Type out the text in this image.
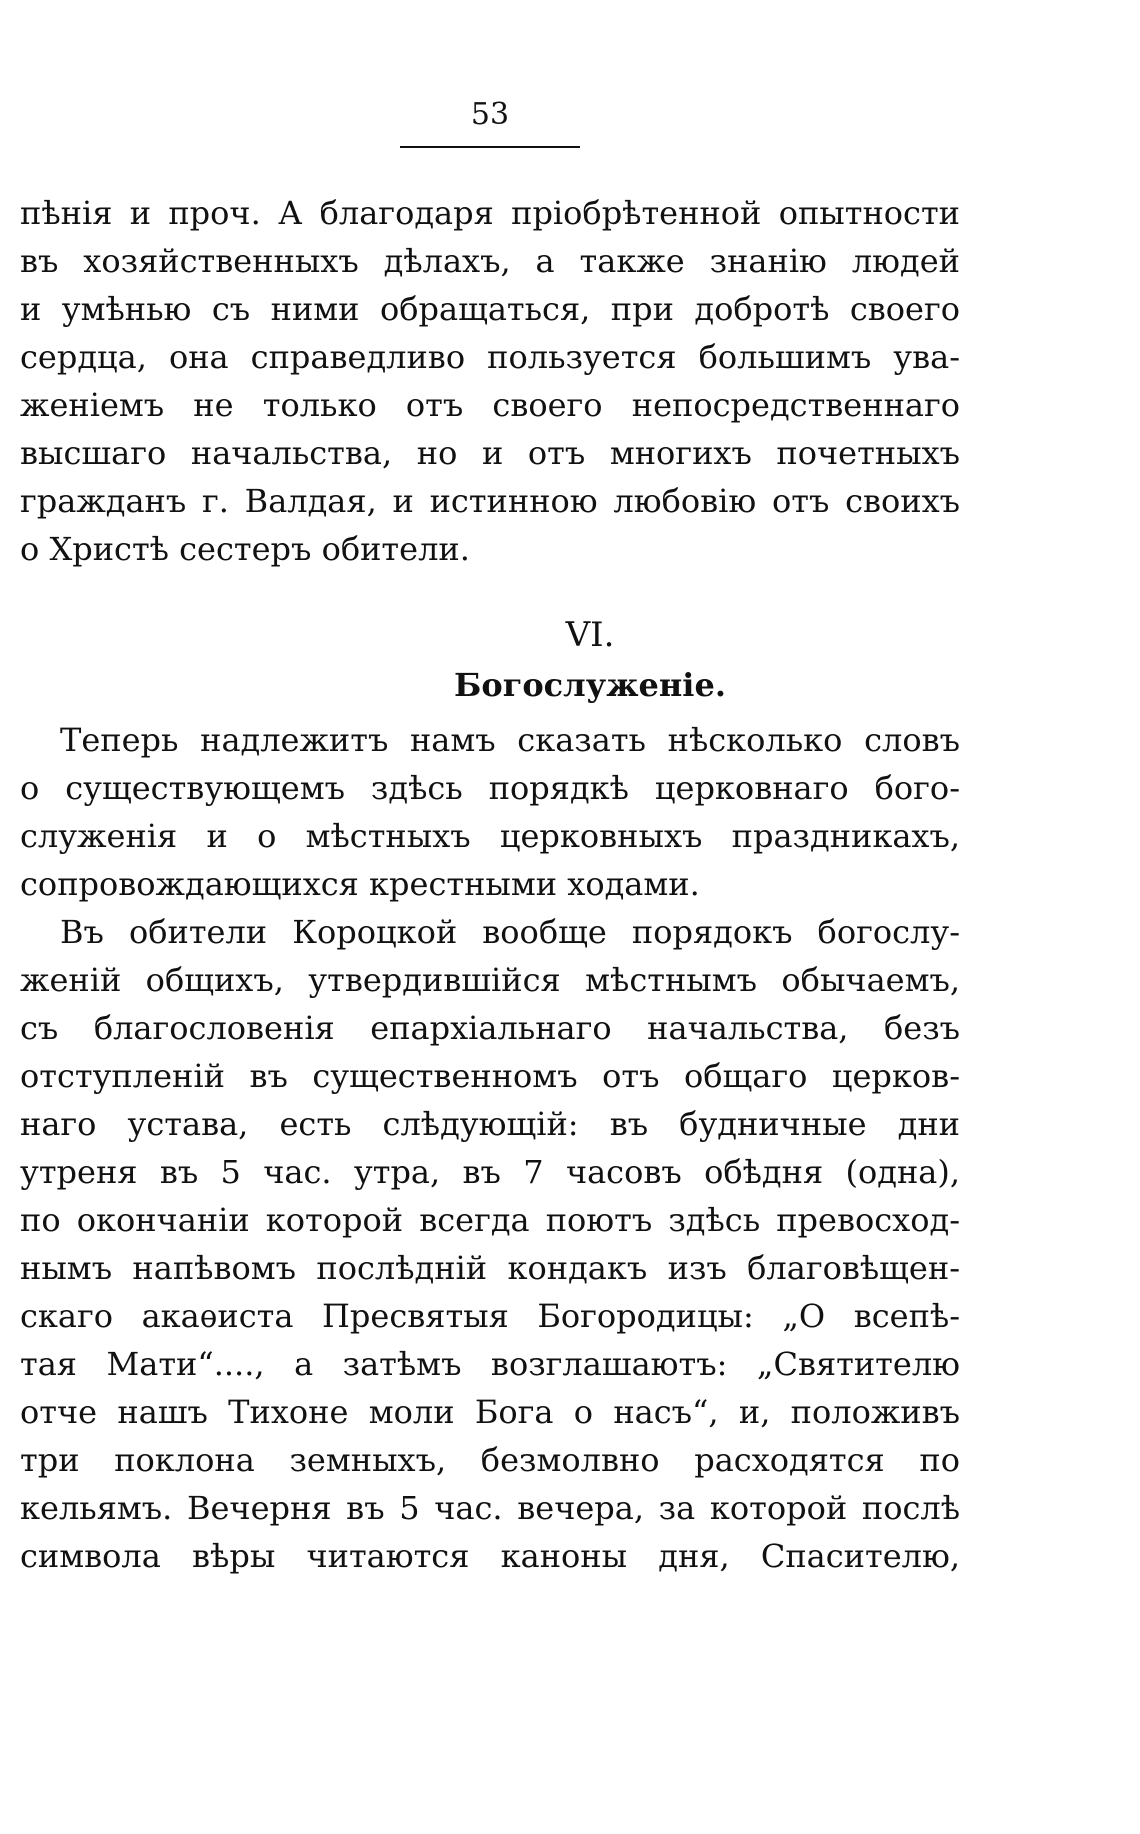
53
пѣнія и проч. А благодаря пріобрѣтенной опытности
въ хозяйственныхъ дѣлахъ, а также знанію людей
и умѣнью съ ними обращаться, при добротѣ своего
сердца, она справедливо пользуется большимъ ува-
женіемъ не только отъ своего непосредственнаго
высшаго начальства, но и отъ многихъ почетныхъ
гражданъ г. Валдая, и истинною любовію отъ своихъ
о Христѣ сестеръ обители.
VI.
Богослуженіе.
Теперь надлежитъ намъ сказать нѣсколько словъ
о существующемъ здѣсь порядкѣ церковнаго бого-
служенія и о мѣстныхъ церковныхъ праздникахъ,
сопровождающихся крестными ходами.
Въ обители Короцкой вообще порядокъ богослу-
женій общихъ, утвердившійся мѣстнымъ обычаемъ,
съ благословенія епархіальнаго начальства, безъ
отступленій въ существенномъ отъ общаго церков-
наго устава, есть слѣдующій: въ будничные дни
утреня въ 5 час. утра, въ 7 часовъ обѣдня (одна),
по окончаніи которой всегда поютъ здѣсь превосход-
нымъ напѣвомъ послѣдній кондакъ изъ благовѣщен-
скаго акаѳиста Пресвятыя Богородицы: „О всепѣ-
тая Мати“...., а затѣмъ возглашаютъ: „Святителю
отче нашъ Тихоне моли Бога о насъ“, и, положивъ
три поклона земныхъ, безмолвно расходятся по
кельямъ. Вечерня въ 5 час. вечера, за которой послѣ
символа вѣры читаются каноны дня, Спасителю,
